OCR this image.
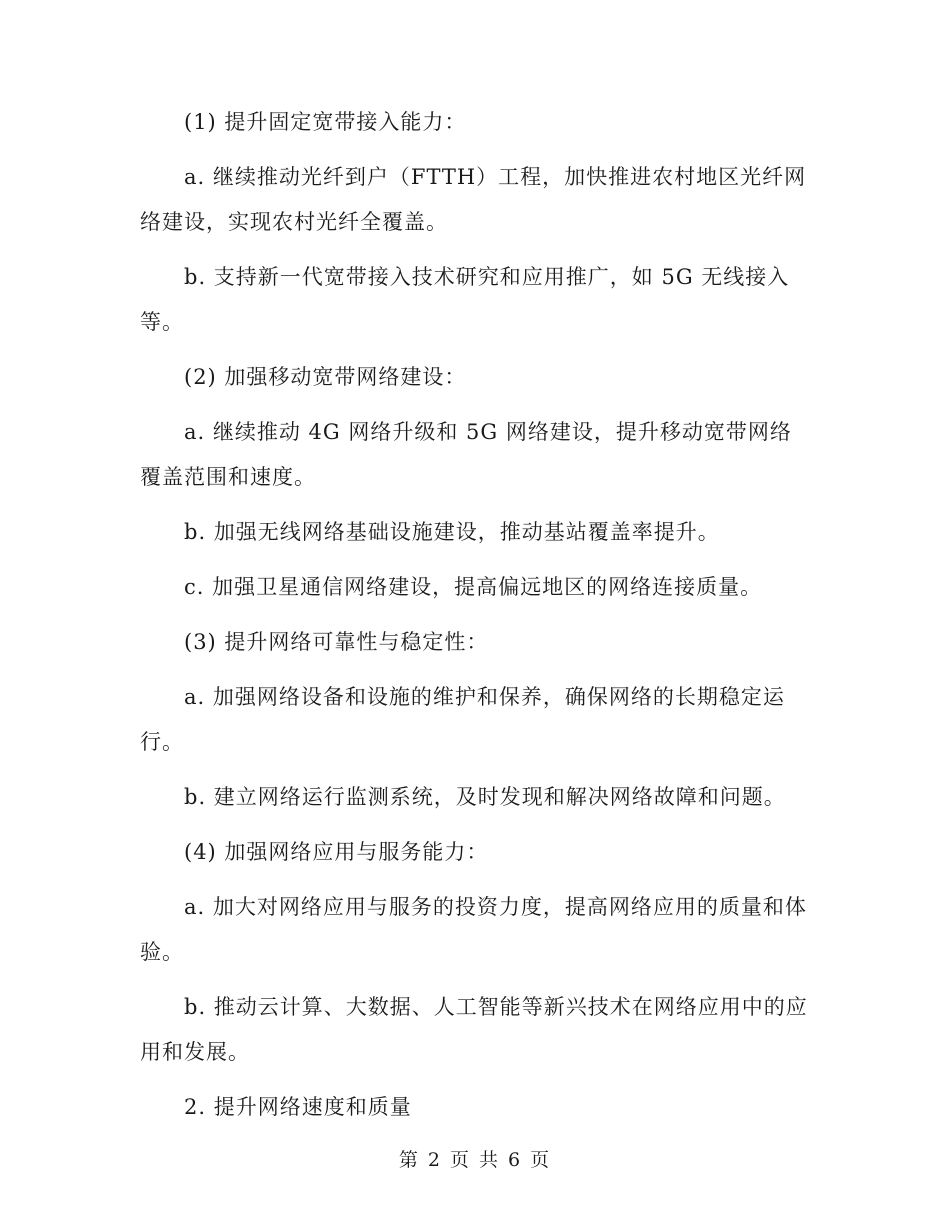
(1) 提升固定宽带接入能力：

a. 继续推动光纤到户（FTTH）工程，加快推进农村地区光纤网络建设，实现农村光纤全覆盖。

b. 支持新一代宽带接入技术研究和应用推广，如 5G 无线接入等。

(2) 加强移动宽带网络建设：

a. 继续推动 4G 网络升级和 5G 网络建设，提升移动宽带网络覆盖范围和速度。

b. 加强无线网络基础设施建设，推动基站覆盖率提升。

c. 加强卫星通信网络建设，提高偏远地区的网络连接质量。

(3) 提升网络可靠性与稳定性：

a. 加强网络设备和设施的维护和保养，确保网络的长期稳定运行。

b. 建立网络运行监测系统，及时发现和解决网络故障和问题。

(4) 加强网络应用与服务能力：

a. 加大对网络应用与服务的投资力度，提高网络应用的质量和体验。

b. 推动云计算、大数据、人工智能等新兴技术在网络应用中的应用和发展。

2. 提升网络速度和质量

第 2 页 共 6 页
